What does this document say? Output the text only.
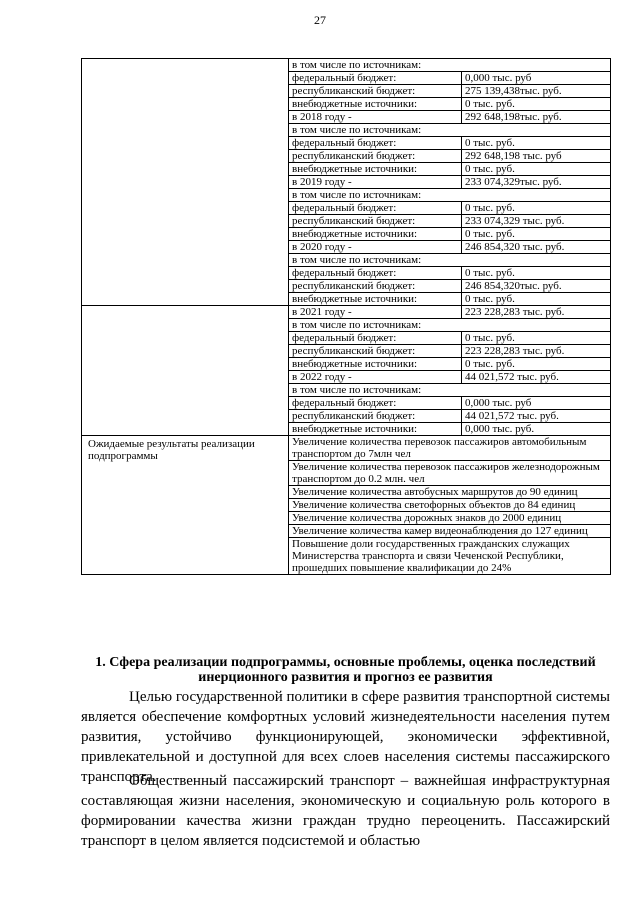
27
	в том числе по источникам:	
	федеральный бюджет:	0,000 тыс. руб
	республиканский бюджет:	275 139,438тыс. руб.
	внебюджетные источники:	0 тыс. руб.
	в 2018 году -	292 648,198тыс. руб.
	в том числе по источникам:	
	федеральный бюджет:	0 тыс. руб.
	республиканский бюджет:	292 648,198 тыс. руб
	внебюджетные источники:	0 тыс. руб.
	в 2019 году -	233 074,329тыс. руб.
	в том числе по источникам:	
	федеральный бюджет:	0 тыс. руб.
	республиканский бюджет:	233 074,329 тыс. руб.
	внебюджетные источники:	0 тыс. руб.
	в 2020 году -	246 854,320 тыс. руб.
	в том числе по источникам:	
	федеральный бюджет:	0 тыс. руб.
	республиканский бюджет:	246 854,320тыс. руб.
	внебюджетные источники:	0 тыс. руб.
	в 2021 году -	223 228,283 тыс. руб.
	в том числе по источникам:	
	федеральный бюджет:	0 тыс. руб.
	республиканский бюджет:	223 228,283 тыс. руб.
	внебюджетные источники:	0 тыс. руб.
	в 2022 году -	44 021,572 тыс. руб.
	в том числе по источникам:	
	федеральный бюджет:	0,000 тыс. руб
	республиканский бюджет:	44 021,572 тыс. руб.
	внебюджетные источники:	0,000 тыс. руб.
Ожидаемые результаты реализации подпрограммы	Увеличение количества перевозок пассажиров автомобильным транспортом до 7млн чел	
	Увеличение количества перевозок пассажиров железнодорожным транспортом до 0.2 млн. чел	
	Увеличение количества автобусных маршрутов до 90 единиц	
	Увеличение количества светофорных объектов до 84 единиц	
	Увеличение количества дорожных знаков до 2000 единиц	
	Увеличение количества камер видеонаблюдения до 127 единиц	
	Повышение доли государственных гражданских служащих Министерства транспорта и связи Чеченской Республики, прошедших повышение квалификации до 24%	
1. Сфера реализации подпрограммы, основные проблемы, оценка последствий инерционного развития и прогноз ее развития

Целью государственной политики в сфере развития транспортной системы является обеспечение комфортных условий жизнедеятельности населения путем развития, устойчиво функционирующей, экономически эффективной, привлекательной и доступной для всех слоев населения системы пассажирского транспорта.

Общественный пассажирский транспорт – важнейшая инфраструктурная составляющая жизни населения, экономическую и социальную роль которого в формировании качества жизни граждан трудно переоценить. Пассажирский транспорт в целом является подсистемой и областью
